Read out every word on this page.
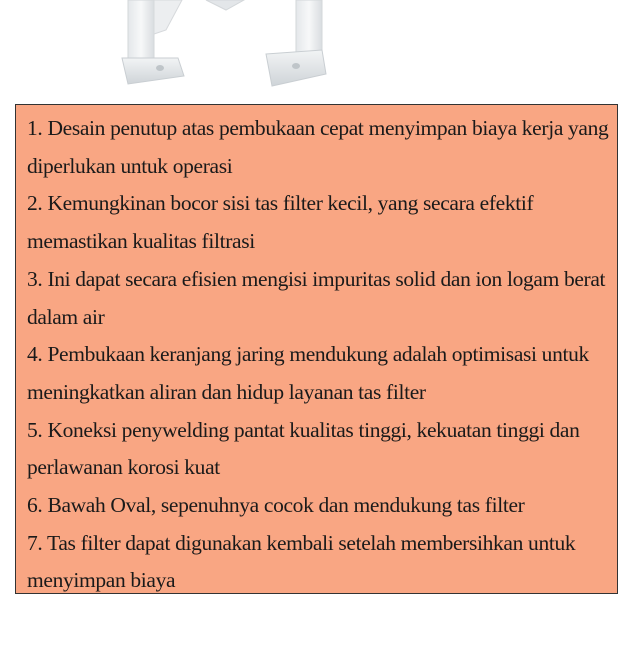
1. Desain penutup atas pembukaan cepat menyimpan biaya kerja yang diperlukan untuk operasi
2. Kemungkinan bocor sisi tas filter kecil, yang secara efektif memastikan kualitas filtrasi
3. Ini dapat secara efisien mengisi impuritas solid dan ion logam berat dalam air
4. Pembukaan keranjang jaring mendukung adalah optimisasi untuk meningkatkan aliran dan hidup layanan tas filter
5. Koneksi penywelding pantat kualitas tinggi, kekuatan tinggi dan perlawanan korosi kuat
6. Bawah Oval, sepenuhnya cocok dan mendukung tas filter
7. Tas filter dapat digunakan kembali setelah membersihkan untuk menyimpan biaya
